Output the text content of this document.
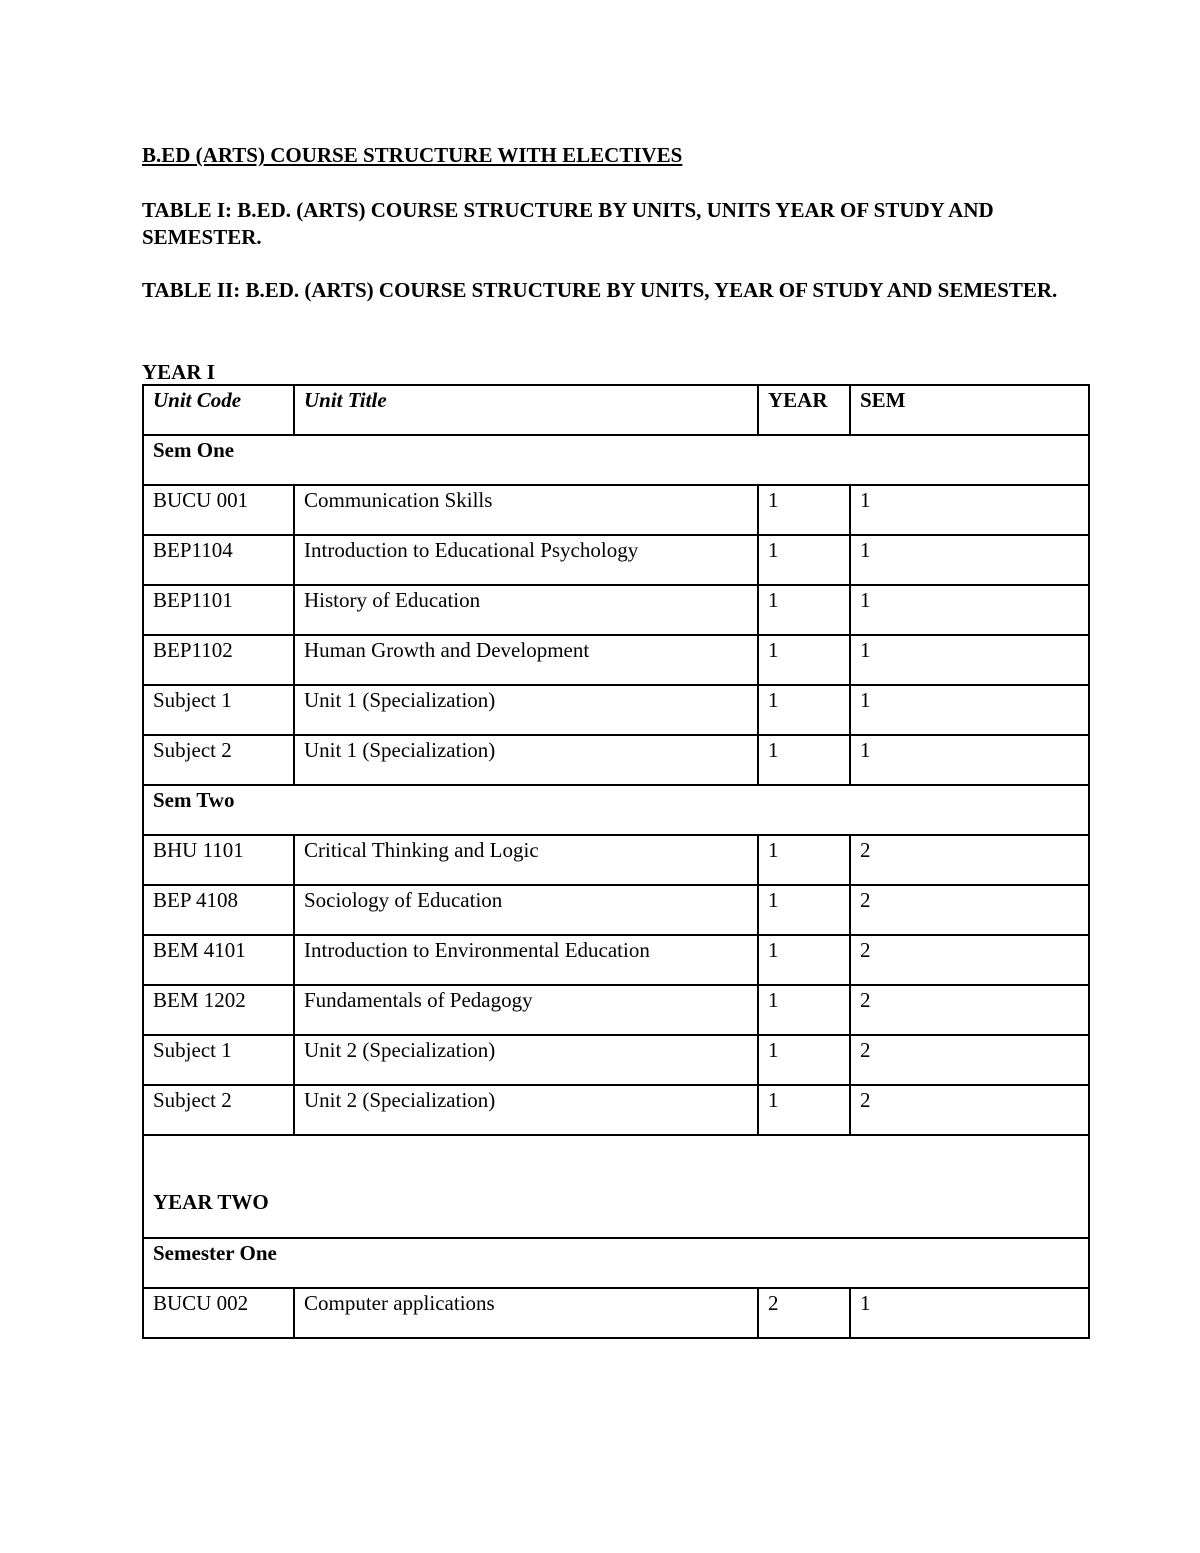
B.ED (ARTS) COURSE STRUCTURE WITH ELECTIVES

TABLE I: B.ED. (ARTS) COURSE STRUCTURE BY UNITS, UNITS YEAR OF STUDY AND SEMESTER.

TABLE II: B.ED. (ARTS) COURSE STRUCTURE BY UNITS, YEAR OF STUDY AND SEMESTER.

YEAR I

Unit Code	Unit Title	YEAR	SEM
Sem One			
BUCU 001	Communication Skills	1	1
BEP1104	Introduction to Educational Psychology	1	1
BEP1101	History of Education	1	1
BEP1102	Human Growth and Development	1	1
Subject 1	Unit 1 (Specialization)	1	1
Subject 2	Unit 1 (Specialization)	1	1
Sem Two			
BHU 1101	Critical Thinking and Logic	1	2
BEP 4108	Sociology of Education	1	2
BEM 4101	Introduction to Environmental Education	1	2
BEM 1202	Fundamentals of Pedagogy	1	2
Subject 1	Unit 2 (Specialization)	1	2
Subject 2	Unit 2 (Specialization)	1	2
YEAR TWO			
Semester One			
BUCU 002	Computer applications	2	1
